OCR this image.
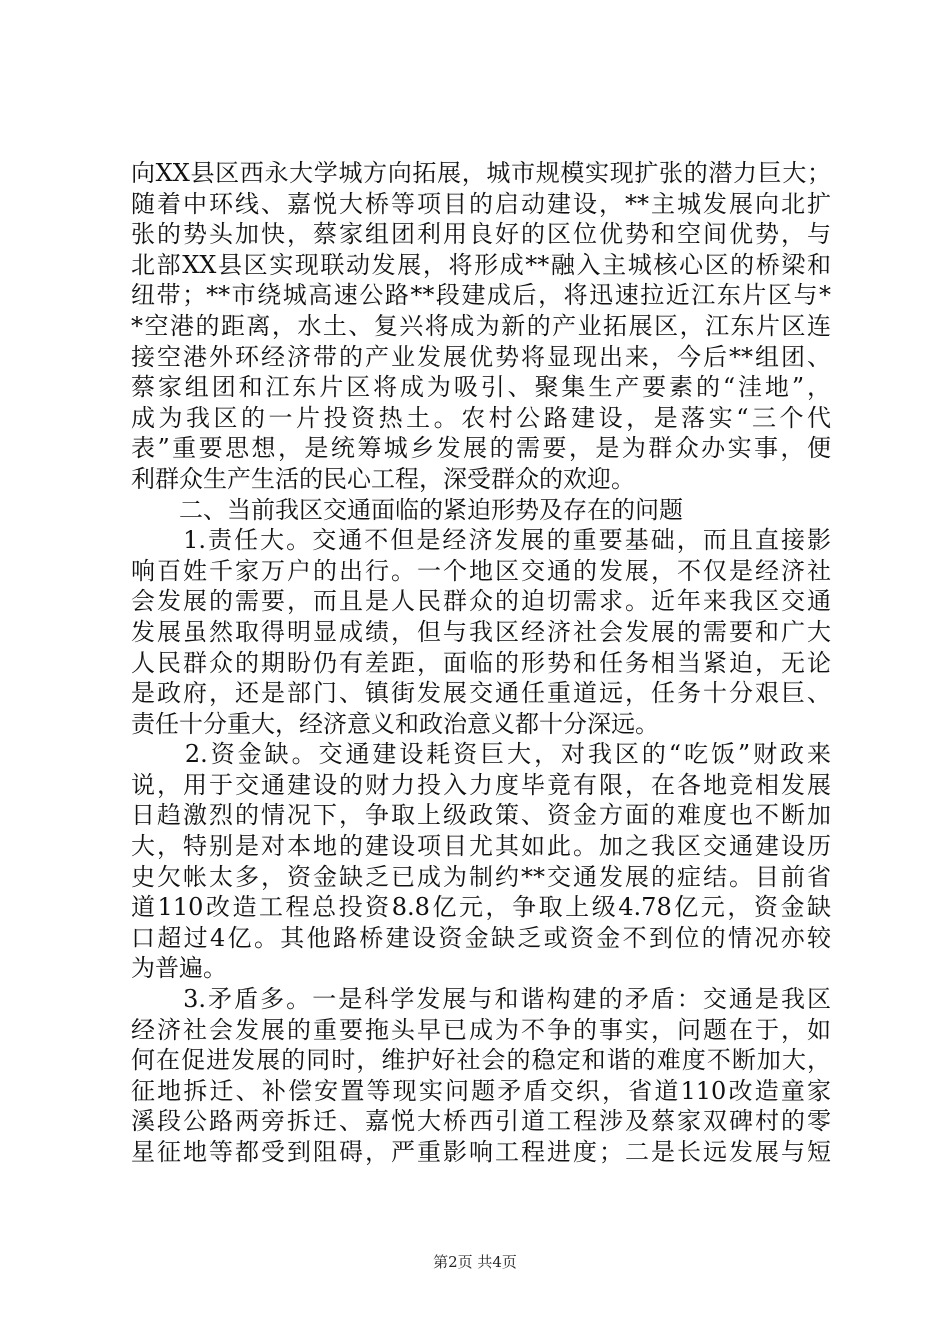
向XX县区西永大学城方向拓展，城市规模实现扩张的潜力巨大；
随着中环线、嘉悦大桥等项目的启动建设，**主城发展向北扩
张的势头加快，蔡家组团利用良好的区位优势和空间优势，与
北部XX县区实现联动发展，将形成**融入主城核心区的桥梁和
纽带；**市绕城高速公路**段建成后，将迅速拉近江东片区与*
*空港的距离，水土、复兴将成为新的产业拓展区，江东片区连
接空港外环经济带的产业发展优势将显现出来，今后**组团、
蔡家组团和江东片区将成为吸引、聚集生产要素的“洼地”，
成为我区的一片投资热土。农村公路建设，是落实“三个代
表”重要思想，是统筹城乡发展的需要，是为群众办实事，便
利群众生产生活的民心工程，深受群众的欢迎。
　　二、当前我区交通面临的紧迫形势及存在的问题
　　1.责任大。交通不但是经济发展的重要基础，而且直接影
响百姓千家万户的出行。一个地区交通的发展，不仅是经济社
会发展的需要，而且是人民群众的迫切需求。近年来我区交通
发展虽然取得明显成绩，但与我区经济社会发展的需要和广大
人民群众的期盼仍有差距，面临的形势和任务相当紧迫，无论
是政府，还是部门、镇街发展交通任重道远，任务十分艰巨、
责任十分重大，经济意义和政治意义都十分深远。
　　2.资金缺。交通建设耗资巨大，对我区的“吃饭”财政来
说，用于交通建设的财力投入力度毕竟有限，在各地竞相发展
日趋激烈的情况下，争取上级政策、资金方面的难度也不断加
大，特别是对本地的建设项目尤其如此。加之我区交通建设历
史欠帐太多，资金缺乏已成为制约**交通发展的症结。目前省
道110改造工程总投资8.8亿元，争取上级4.78亿元，资金缺
口超过4亿。其他路桥建设资金缺乏或资金不到位的情况亦较
为普遍。
　　3.矛盾多。一是科学发展与和谐构建的矛盾：交通是我区
经济社会发展的重要拖头早已成为不争的事实，问题在于，如
何在促进发展的同时，维护好社会的稳定和谐的难度不断加大，
征地拆迁、补偿安置等现实问题矛盾交织，省道110改造童家
溪段公路两旁拆迁、嘉悦大桥西引道工程涉及蔡家双碑村的零
星征地等都受到阻碍，严重影响工程进度；二是长远发展与短
第2页 共4页
